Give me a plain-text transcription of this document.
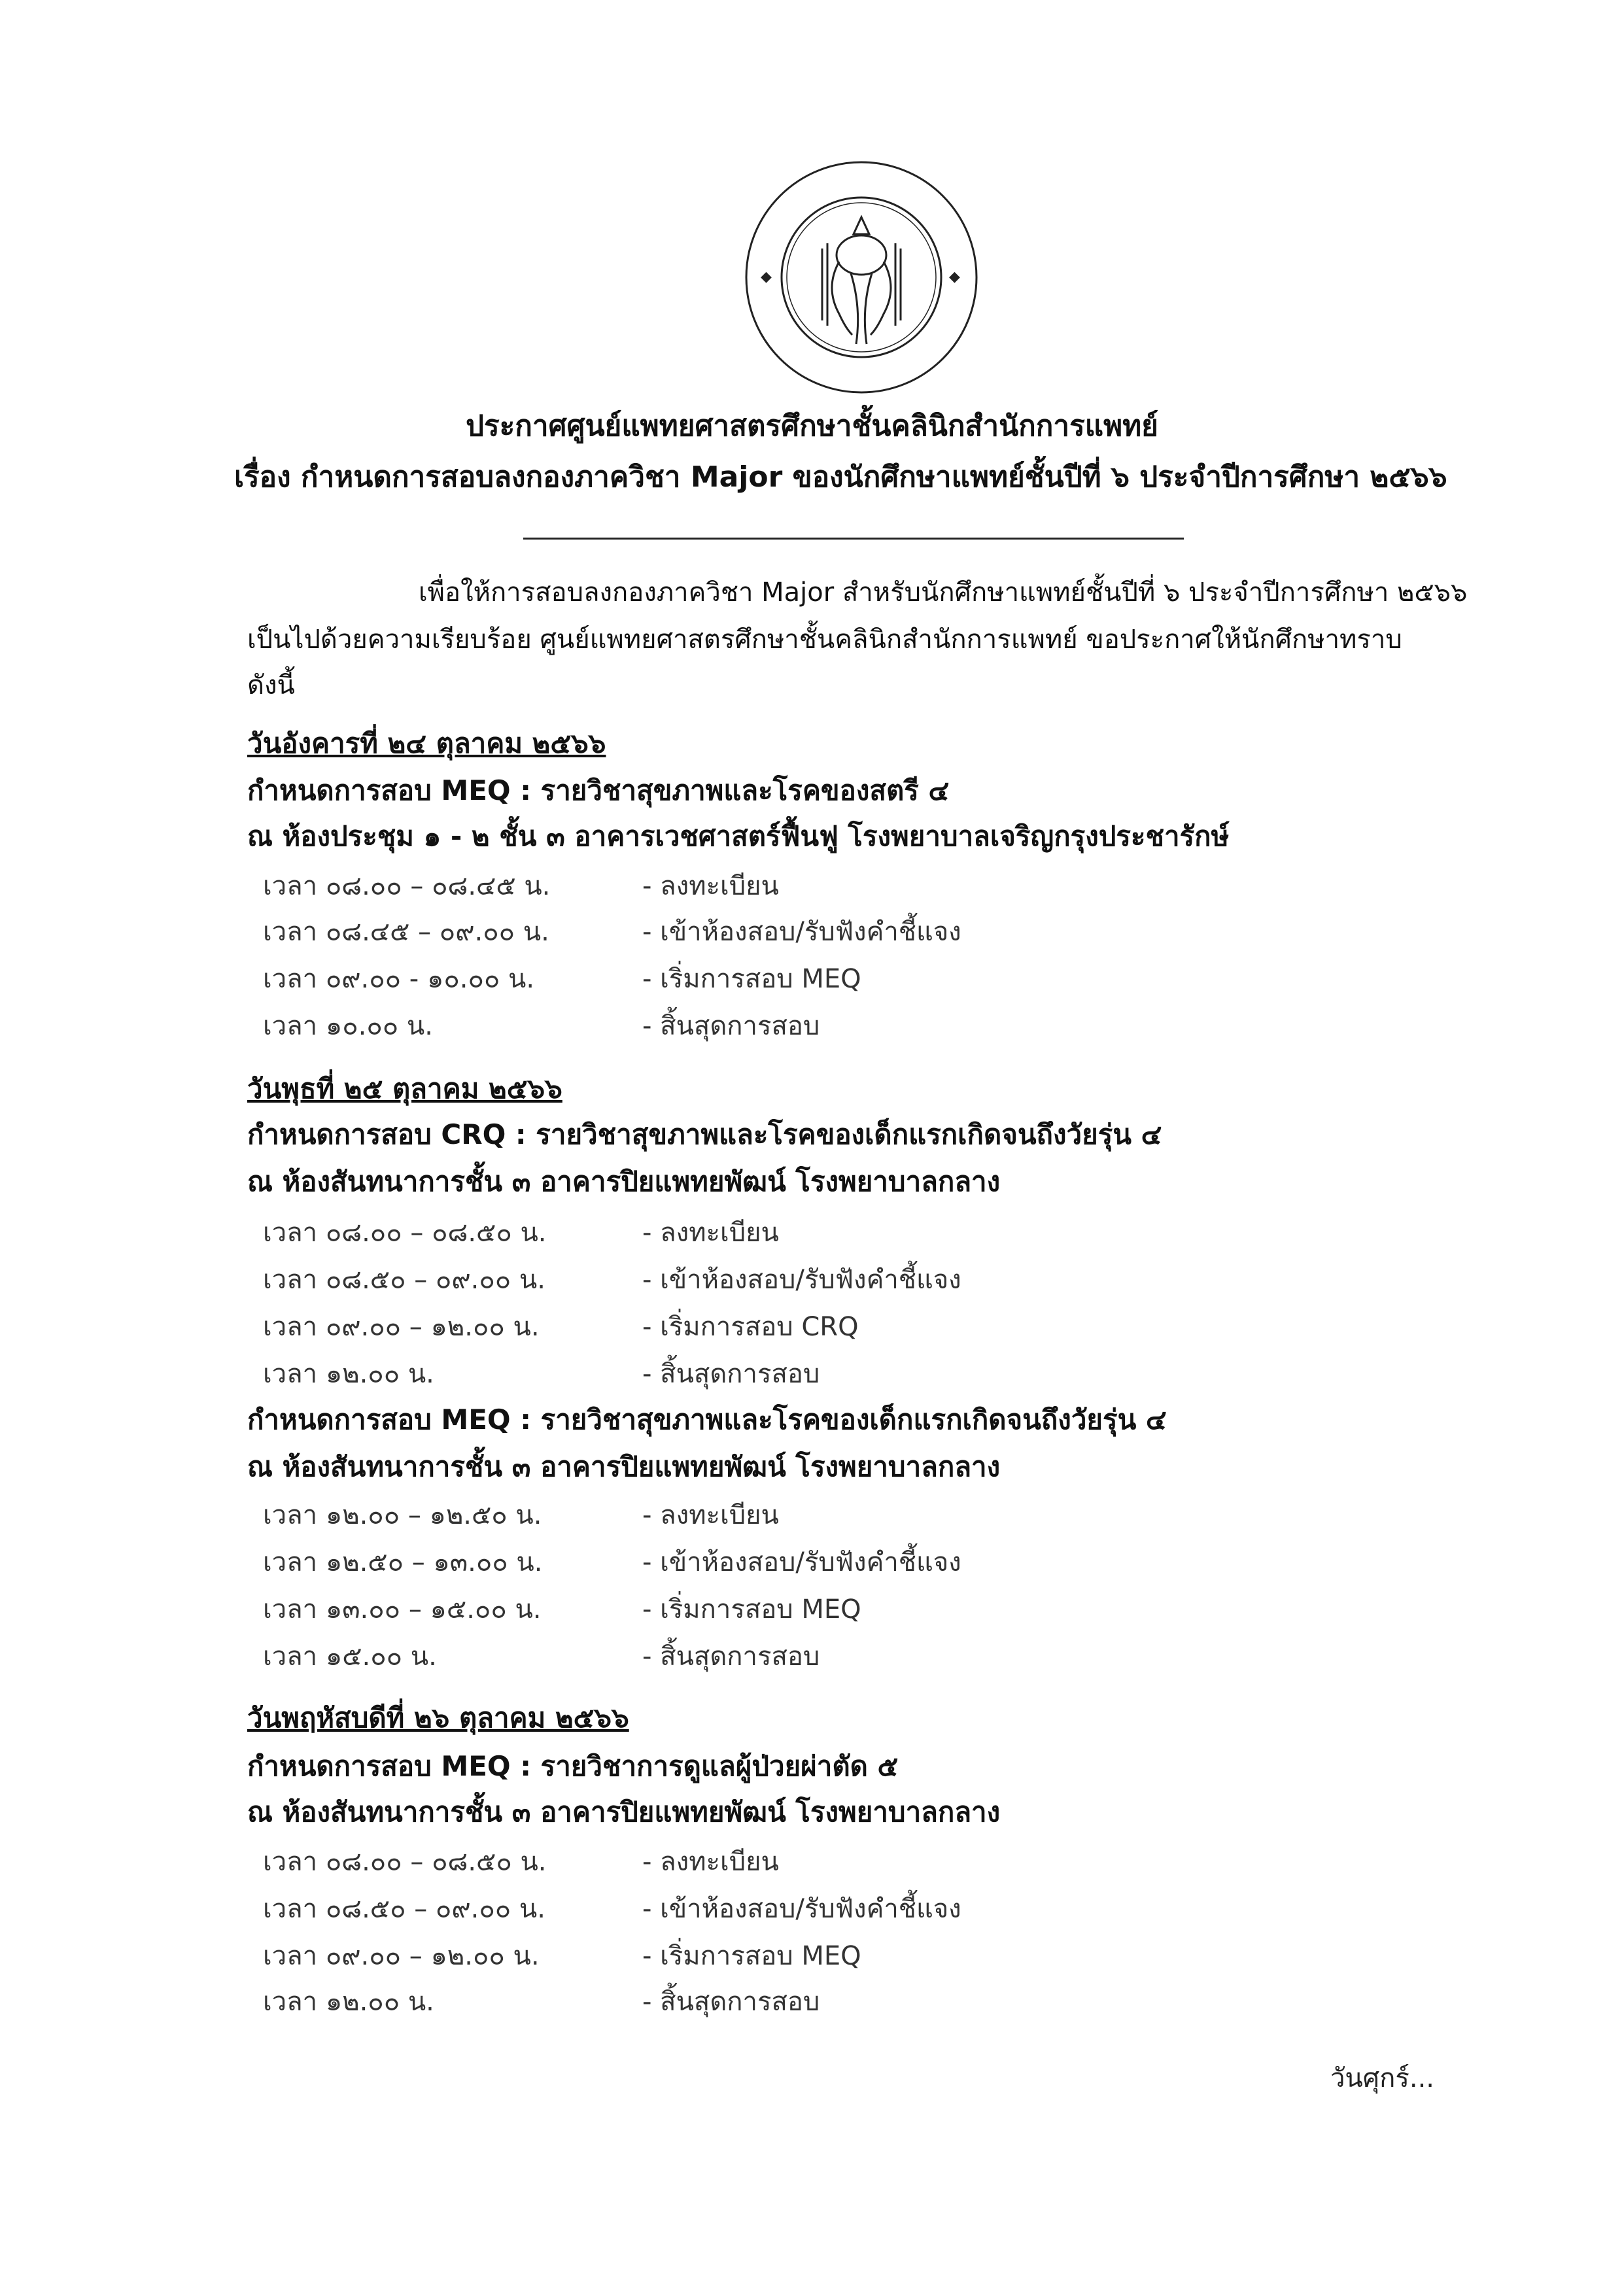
◆	◆
ประกาศศูนย์แพทยศาสตรศึกษาชั้นคลินิกสำนักการแพทย์
เรื่อง กำหนดการสอบลงกองภาควิชา Major ของนักศึกษาแพทย์ชั้นปีที่ ๖ ประจำปีการศึกษา ๒๕๖๖
เพื่อให้การสอบลงกองภาควิชา Major สำหรับนักศึกษาแพทย์ชั้นปีที่ ๖ ประจำปีการศึกษา ๒๕๖๖
เป็นไปด้วยความเรียบร้อย ศูนย์แพทยศาสตรศึกษาชั้นคลินิกสำนักการแพทย์ ขอประกาศให้นักศึกษาทราบ
ดังนี้
วันอังคารที่ ๒๔ ตุลาคม ๒๕๖๖
กำหนดการสอบ MEQ : รายวิชาสุขภาพและโรคของสตรี ๔
ณ ห้องประชุม ๑ - ๒ ชั้น ๓ อาคารเวชศาสตร์ฟื้นฟู โรงพยาบาลเจริญกรุงประชารักษ์
เวลา ๐๘.๐๐ – ๐๘.๔๕ น.	- ลงทะเบียน
เวลา ๐๘.๔๕ – ๐๙.๐๐ น.	- เข้าห้องสอบ/รับฟังคำชี้แจง
เวลา ๐๙.๐๐ - ๑๐.๐๐ น.	- เริ่มการสอบ MEQ
เวลา ๑๐.๐๐ น.	- สิ้นสุดการสอบ
วันพุธที่ ๒๕ ตุลาคม ๒๕๖๖
กำหนดการสอบ CRQ : รายวิชาสุขภาพและโรคของเด็กแรกเกิดจนถึงวัยรุ่น ๔
ณ ห้องสันทนาการชั้น ๓ อาคารปิยแพทยพัฒน์ โรงพยาบาลกลาง
เวลา ๐๘.๐๐ – ๐๘.๕๐ น.	- ลงทะเบียน
เวลา ๐๘.๕๐ – ๐๙.๐๐ น.	- เข้าห้องสอบ/รับฟังคำชี้แจง
เวลา ๐๙.๐๐ – ๑๒.๐๐ น.	- เริ่มการสอบ CRQ
เวลา ๑๒.๐๐ น.	- สิ้นสุดการสอบ
กำหนดการสอบ MEQ : รายวิชาสุขภาพและโรคของเด็กแรกเกิดจนถึงวัยรุ่น ๔
ณ ห้องสันทนาการชั้น ๓ อาคารปิยแพทยพัฒน์ โรงพยาบาลกลาง
เวลา ๑๒.๐๐ – ๑๒.๕๐ น.	- ลงทะเบียน
เวลา ๑๒.๕๐ – ๑๓.๐๐ น.	- เข้าห้องสอบ/รับฟังคำชี้แจง
เวลา ๑๓.๐๐ – ๑๕.๐๐ น.	- เริ่มการสอบ MEQ
เวลา ๑๕.๐๐ น.	- สิ้นสุดการสอบ
วันพฤหัสบดีที่ ๒๖ ตุลาคม ๒๕๖๖
กำหนดการสอบ MEQ : รายวิชาการดูแลผู้ป่วยผ่าตัด ๕
ณ ห้องสันทนาการชั้น ๓ อาคารปิยแพทยพัฒน์ โรงพยาบาลกลาง
เวลา ๐๘.๐๐ – ๐๘.๕๐ น.	- ลงทะเบียน
เวลา ๐๘.๕๐ – ๐๙.๐๐ น.	- เข้าห้องสอบ/รับฟังคำชี้แจง
เวลา ๐๙.๐๐ – ๑๒.๐๐ น.	- เริ่มการสอบ MEQ
เวลา ๑๒.๐๐ น.	- สิ้นสุดการสอบ
วันศุกร์...
